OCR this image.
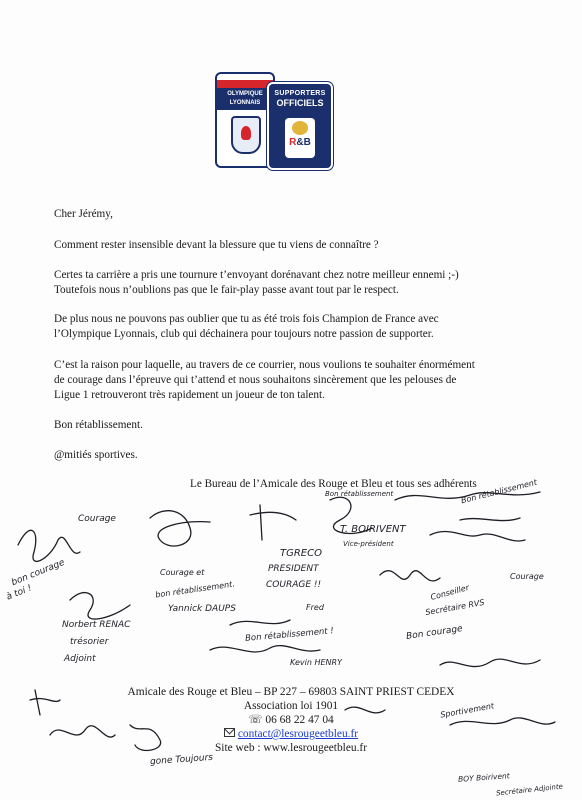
OLYMPIQUE
LYONNAIS
SUPPORTERS
OFFICIELS
R&B

Cher Jérémy,

Comment rester insensible devant la blessure que tu viens de connaître ?

Certes ta carrière a pris une tournure t’envoyant dorénavant chez notre meilleur ennemi ;-)

Toutefois nous n’oublions pas que le fair-play passe avant tout par le respect.

De plus nous ne pouvons pas oublier que tu as été trois fois Champion de France avec

l’Olympique Lyonnais, club qui déchainera pour toujours notre passion de supporter.

C’est la raison pour laquelle, au travers de ce courrier, nous voulions te souhaiter énormément

de courage dans l’épreuve qui t’attend et nous souhaitons sincèrement que les pelouses de

Ligue 1 retrouveront très rapidement un joueur de ton talent.

Bon rétablissement.

@mitiés sportives.

Le Bureau de l’Amicale des Rouge et Bleu et tous ses adhérents
Bon rétablissement
Bon rétablissement
T. BOIRIVENT
Vice-président
Courage
bon courage
à toi !
Courage et
bon rétablissement.
Yannick DAUPS
TGRECO
PRESIDENT
COURAGE !!
Courage
Norbert RENAC
trésorier
Adjoint
Bon rétablissement !	Bon courage
Kevin HENRY
Fred
Conseiller
Secrétaire RVS
Sportivement
gone Toujours
BOY Boirivent
Secrétaire Adjointe
Amicale des Rouge et Bleu – BP 227 – 69803 SAINT PRIEST CEDEX
Association loi 1901
☏ 06 68 22 47 04
contact@lesrougeetbleu.fr
Site web : www.lesrougeetbleu.fr
